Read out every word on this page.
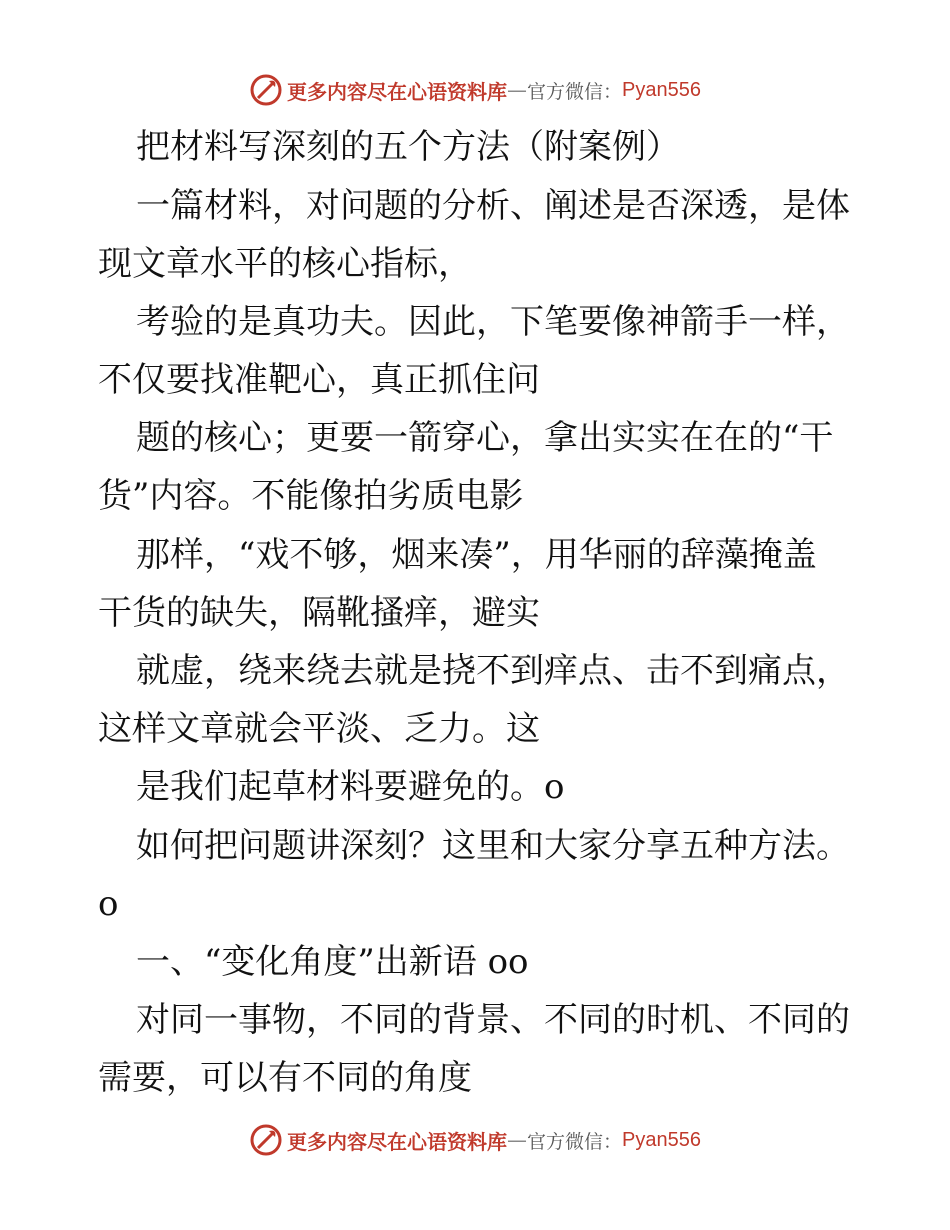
更多内容尽在心语资料库 — 官方微信： Pyan556
把材料写深刻的五个方法（附案例）
一篇材料，对问题的分析、阐述是否深透，是体
现文章水平的核心指标，
考验的是真功夫。因此，下笔要像神箭手一样，
不仅要找准靶心，真正抓住问
题的核心；更要一箭穿心，拿出实实在在的“干
货”内容。不能像拍劣质电影
那样，“戏不够，烟来凑”，用华丽的辞藻掩盖
干货的缺失，隔靴搔痒，避实
就虚，绕来绕去就是挠不到痒点、击不到痛点，
这样文章就会平淡、乏力。这
是我们起草材料要避免的。o
如何把问题讲深刻？这里和大家分享五种方法。
o
一、“变化角度”出新语 oo
对同一事物，不同的背景、不同的时机、不同的
需要，可以有不同的角度
更多内容尽在心语资料库 — 官方微信： Pyan556
